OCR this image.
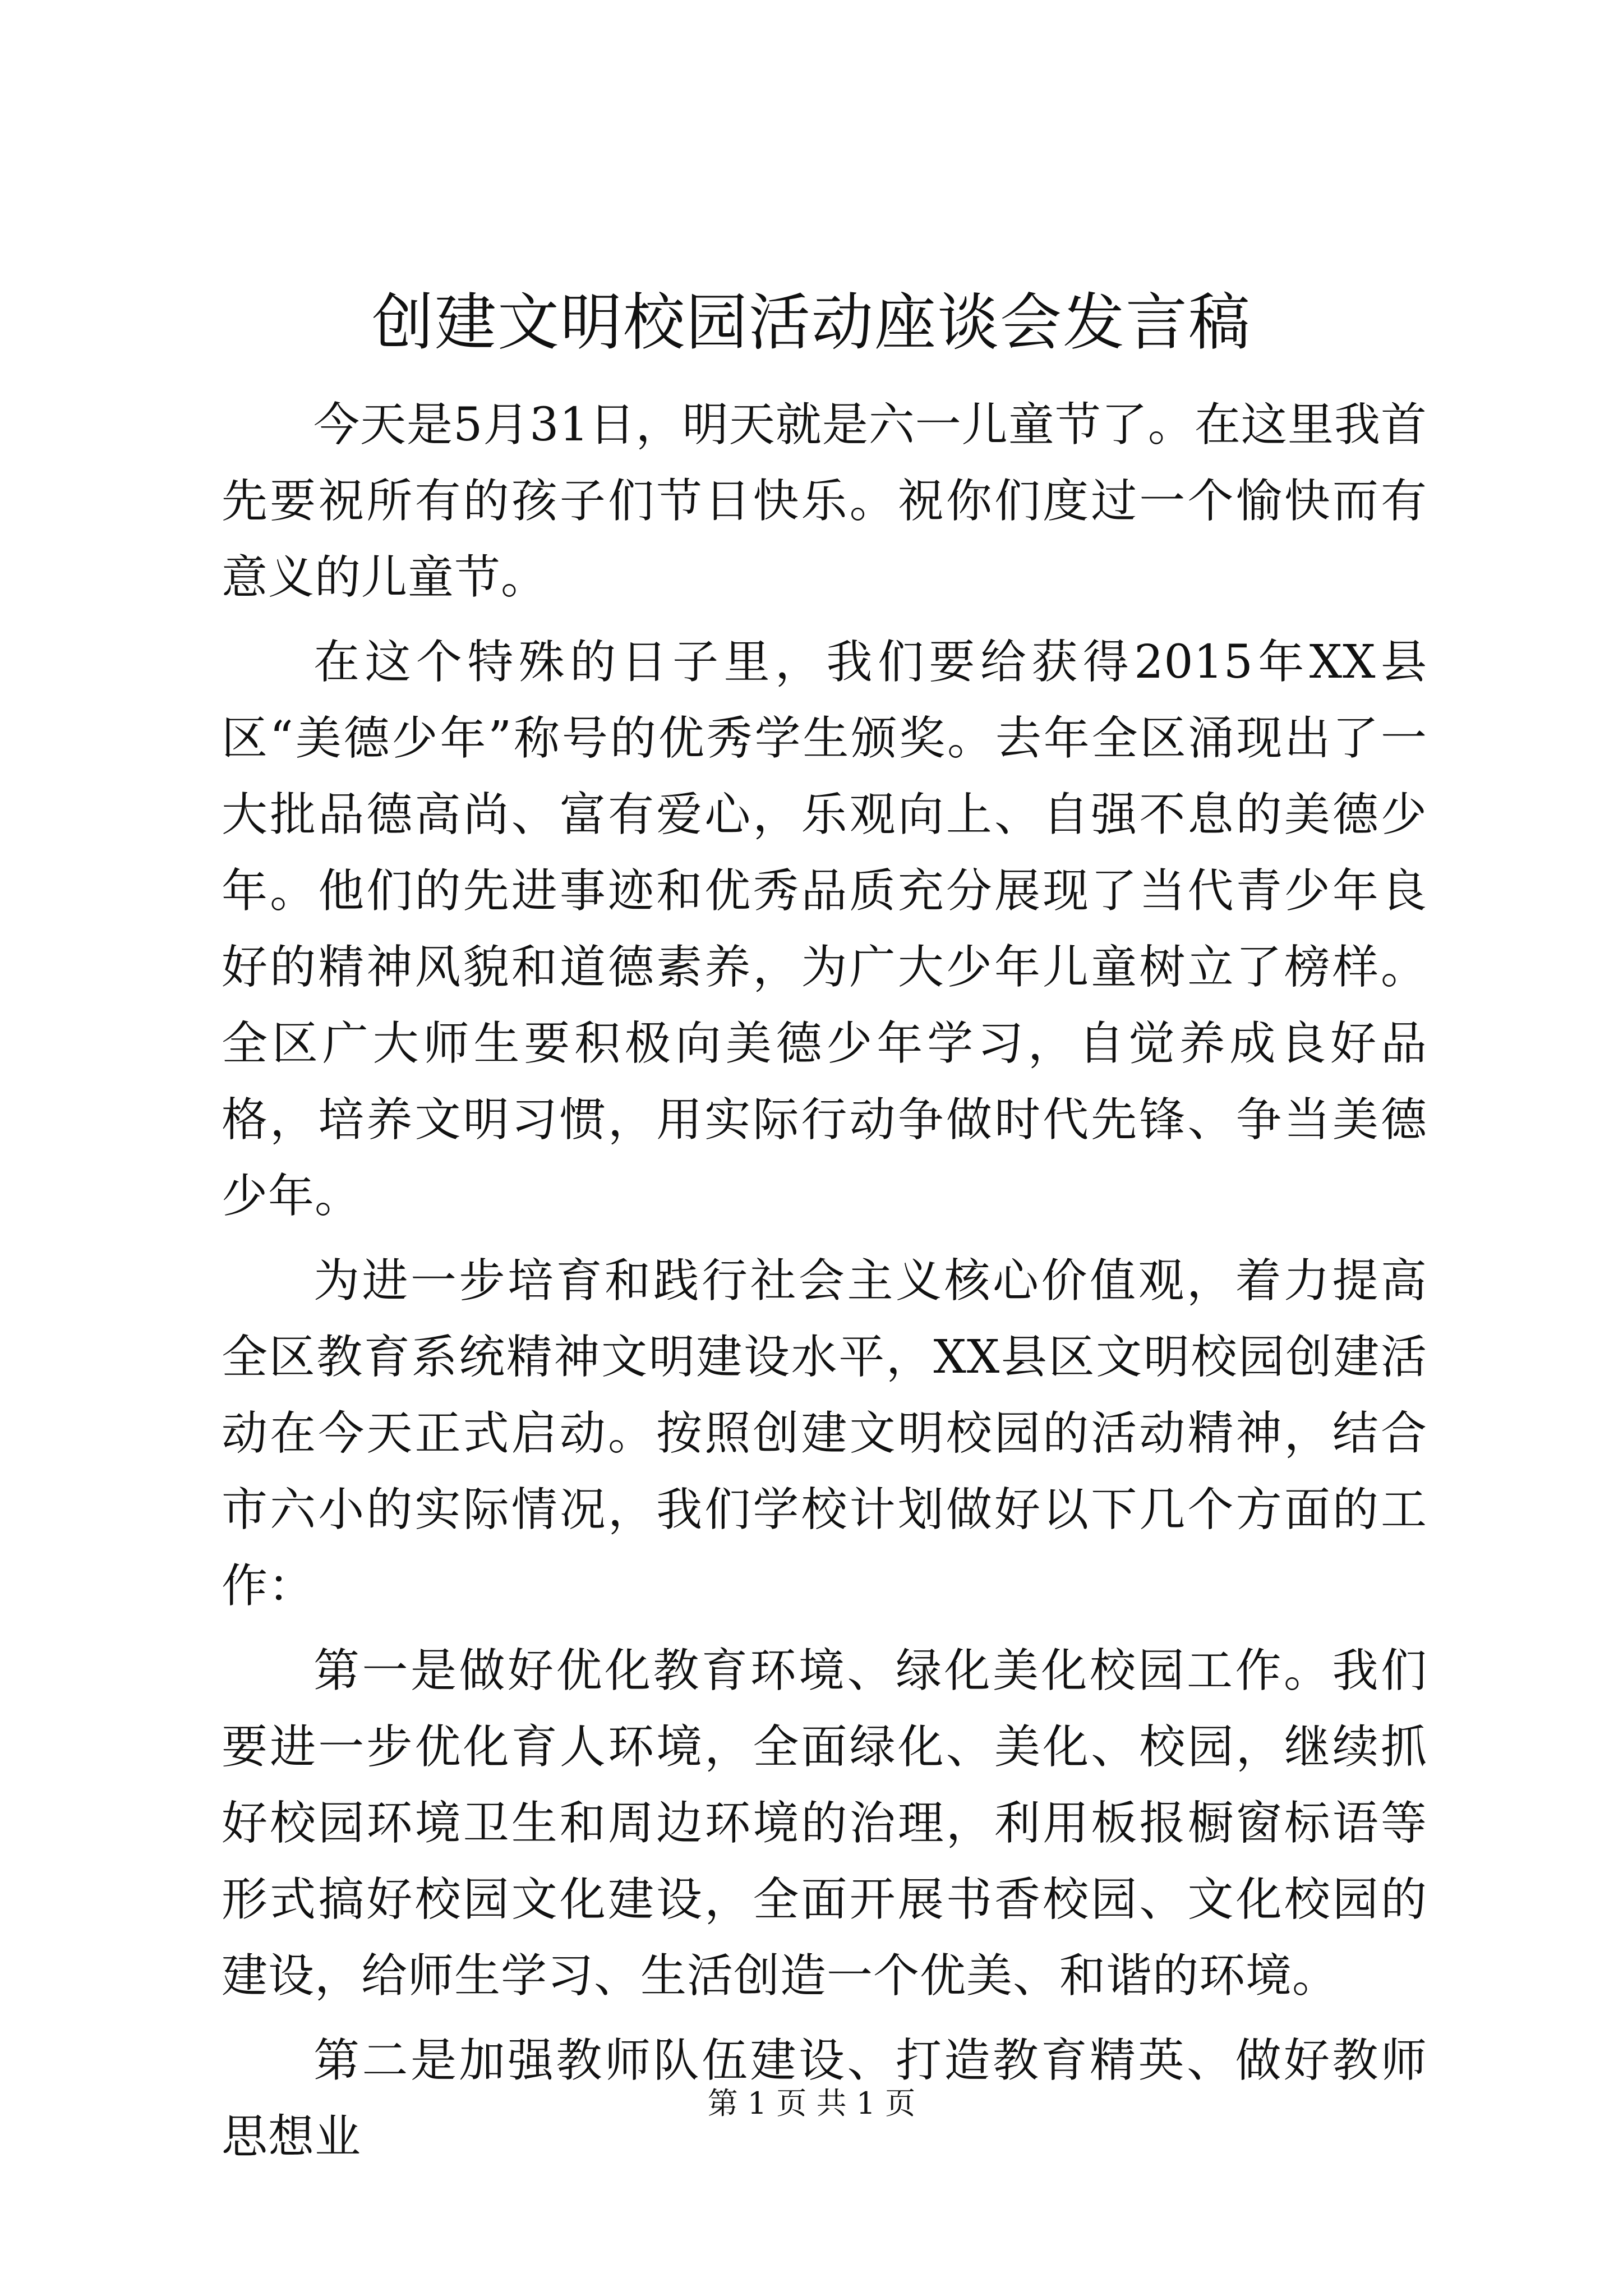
创建文明校园活动座谈会发言稿

今天是5月31日，明天就是六一儿童节了。在这里我首先要祝所有的孩子们节日快乐。祝你们度过一个愉快而有意义的儿童节。

在这个特殊的日子里，我们要给获得2015年XX县区“美德少年”称号的优秀学生颁奖。去年全区涌现出了一大批品德高尚、富有爱心，乐观向上、自强不息的美德少年。他们的先进事迹和优秀品质充分展现了当代青少年良好的精神风貌和道德素养，为广大少年儿童树立了榜样。全区广大师生要积极向美德少年学习，自觉养成良好品格，培养文明习惯，用实际行动争做时代先锋、争当美德少年。

为进一步培育和践行社会主义核心价值观，着力提高全区教育系统精神文明建设水平，XX县区文明校园创建活动在今天正式启动。按照创建文明校园的活动精神，结合市六小的实际情况，我们学校计划做好以下几个方面的工作：

第一是做好优化教育环境、绿化美化校园工作。我们要进一步优化育人环境，全面绿化、美化、校园，继续抓好校园环境卫生和周边环境的治理，利用板报橱窗标语等形式搞好校园文化建设，全面开展书香校园、文化校园的建设，给师生学习、生活创造一个优美、和谐的环境。

第二是加强教师队伍建设、打造教育精英、做好教师思想业

第 1 页 共 1 页
